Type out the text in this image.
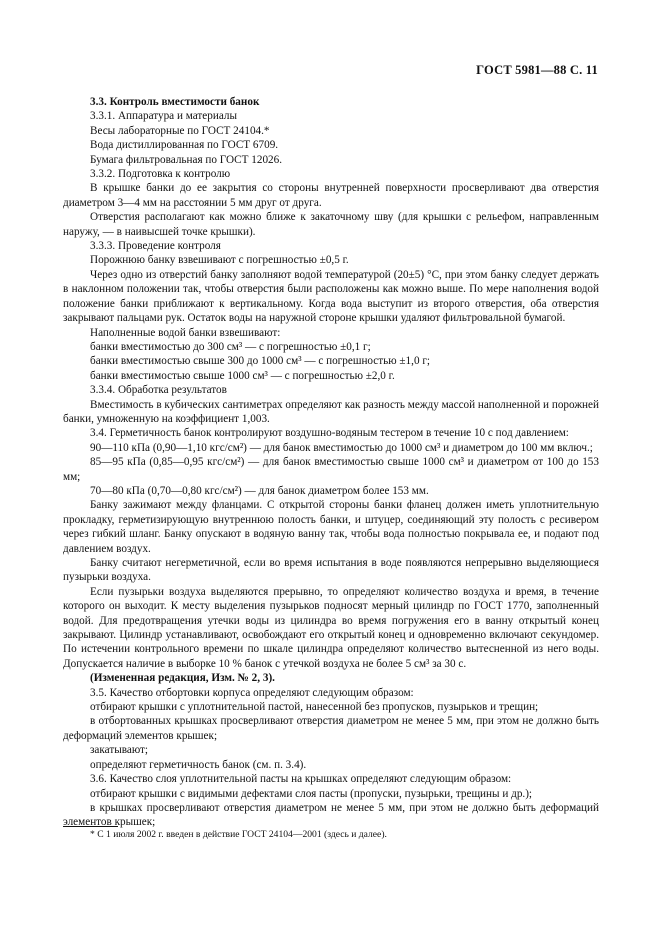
ГОСТ 5981—88 С. 11

3.3. Контроль вместимости банок

3.3.1. Аппаратура и материалы

Весы лабораторные по ГОСТ 24104.*

Вода дистиллированная по ГОСТ 6709.

Бумага фильтровальная по ГОСТ 12026.

3.3.2. Подготовка к контролю

В крышке банки до ее закрытия со стороны внутренней поверхности просверливают два отверстия диаметром 3—4 мм на расстоянии 5 мм друг от друга.

Отверстия располагают как можно ближе к закаточному шву (для крышки с рельефом, направленным наружу, — в наивысшей точке крышки).

3.3.3. Проведение контроля

Порожнюю банку взвешивают с погрешностью ±0,5 г.

Через одно из отверстий банку заполняют водой температурой (20±5) °С, при этом банку следует держать в наклонном положении так, чтобы отверстия были расположены как можно выше. По мере наполнения водой положение банки приближают к вертикальному. Когда вода выступит из второго отверстия, оба отверстия закрывают пальцами рук. Остаток воды на наружной стороне крышки удаляют фильтровальной бумагой.

Наполненные водой банки взвешивают:

банки вместимостью до 300 см³ — с погрешностью ±0,1 г;

банки вместимостью свыше 300 до 1000 см³ — с погрешностью ±1,0 г;

банки вместимостью свыше 1000 см³ — с погрешностью ±2,0 г.

3.3.4. Обработка результатов

Вместимость в кубических сантиметрах определяют как разность между массой наполненной и порожней банки, умноженную на коэффициент 1,003.

3.4. Герметичность банок контролируют воздушно-водяным тестером в течение 10 с под давлением:

90—110 кПа (0,90—1,10 кгс/см²) — для банок вместимостью до 1000 см³ и диаметром до 100 мм включ.;

85—95 кПа (0,85—0,95 кгс/см²) — для банок вместимостью свыше 1000 см³ и диаметром от 100 до 153 мм;

70—80 кПа (0,70—0,80 кгс/см²) — для банок диаметром более 153 мм.

Банку зажимают между фланцами. С открытой стороны банки фланец должен иметь уплотнительную прокладку, герметизирующую внутреннюю полость банки, и штуцер, соединяющий эту полость с ресивером через гибкий шланг. Банку опускают в водяную ванну так, чтобы вода полностью покрывала ее, и подают под давлением воздух.

Банку считают негерметичной, если во время испытания в воде появляются непрерывно выделяющиеся пузырьки воздуха.

Если пузырьки воздуха выделяются прерывно, то определяют количество воздуха и время, в течение которого он выходит. К месту выделения пузырьков подносят мерный цилиндр по ГОСТ 1770, заполненный водой. Для предотвращения утечки воды из цилиндра во время погружения его в ванну открытый конец закрывают. Цилиндр устанавливают, освобождают его открытый конец и одновременно включают секундомер. По истечении контрольного времени по шкале цилиндра определяют количество вытесненной из него воды. Допускается наличие в выборке 10 % банок с утечкой воздуха не более 5 см³ за 30 с.

(Измененная редакция, Изм. № 2, 3).

3.5. Качество отбортовки корпуса определяют следующим образом:

отбирают крышки с уплотнительной пастой, нанесенной без пропусков, пузырьков и трещин;

в отбортованных крышках просверливают отверстия диаметром не менее 5 мм, при этом не должно быть деформаций элементов крышек;

закатывают;

определяют герметичность банок (см. п. 3.4).

3.6. Качество слоя уплотнительной пасты на крышках определяют следующим образом:

отбирают крышки с видимыми дефектами слоя пасты (пропуски, пузырьки, трещины и др.);

в крышках просверливают отверстия диаметром не менее 5 мм, при этом не должно быть деформаций элементов крышек;

* С 1 июля 2002 г. введен в действие ГОСТ 24104—2001 (здесь и далее).
